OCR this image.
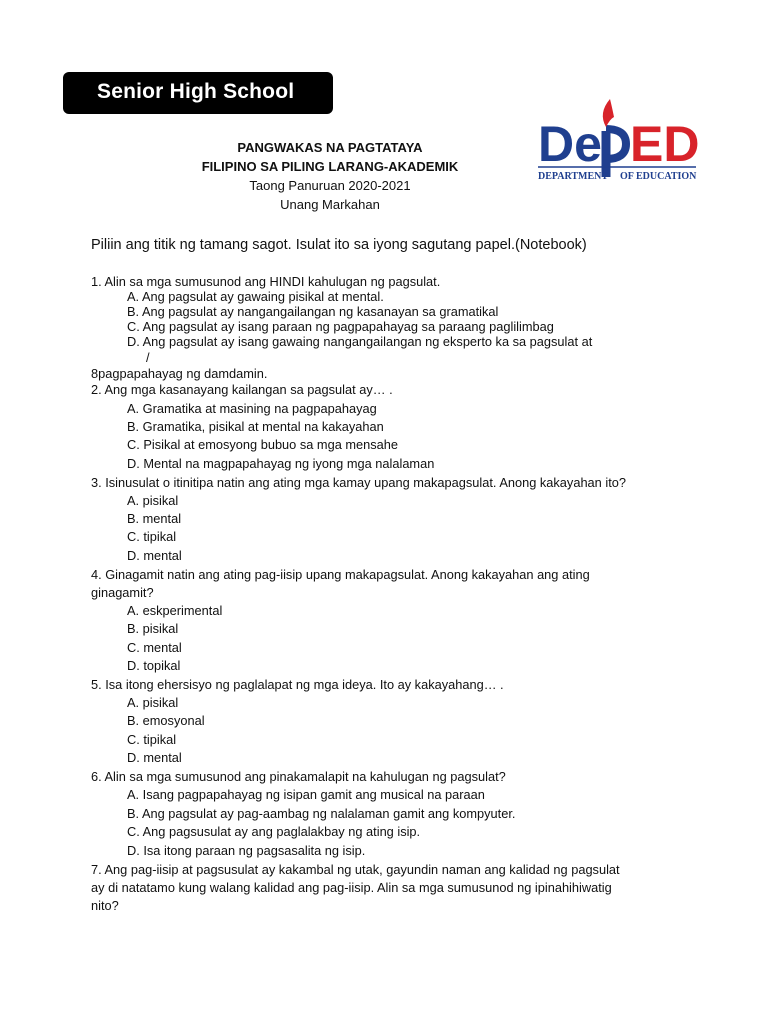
Senior High School
PANGWAKAS NA PAGTATAYA
FILIPINO SA PILING LARANG-AKADEMIK
Taong Panuruan 2020-2021
Unang Markahan
De ED
DEPARTMENT OF EDUCATION
Piliin ang titik ng tamang sagot. Isulat ito sa iyong sagutang papel.(Notebook)
1. Alin sa mga sumusunod ang HINDI kahulugan ng pagsulat.
A. Ang pagsulat ay gawaing pisikal at mental.
B. Ang pagsulat ay nangangailangan ng kasanayan sa gramatikal
C. Ang pagsulat ay isang paraan ng pagpapahayag sa paraang paglilimbag
D. Ang pagsulat ay isang gawaing nangangailangan ng eksperto ka sa pagsulat at
/
8pagpapahayag ng damdamin.
2. Ang mga kasanayang kailangan sa pagsulat ay… .
A. Gramatika at masining na pagpapahayag
B. Gramatika, pisikal at mental na kakayahan
C. Pisikal at emosyong bubuo sa mga mensahe
D. Mental na magpapahayag ng iyong mga nalalaman
3. Isinusulat o itinitipa natin ang ating mga kamay upang makapagsulat. Anong kakayahan ito?
A. pisikal
B. mental
C. tipikal
D. mental
4. Ginagamit natin ang ating pag-iisip upang makapagsulat. Anong kakayahan ang ating
ginagamit?
A. eskperimental
B. pisikal
C. mental
D. topikal
5. Isa itong ehersisyo ng paglalapat ng mga ideya. Ito ay kakayahang… .
A. pisikal
B. emosyonal
C. tipikal
D. mental
6. Alin sa mga sumusunod ang pinakamalapit na kahulugan ng pagsulat?
A. Isang pagpapahayag ng isipan gamit ang musical na paraan
B. Ang pagsulat ay pag-aambag ng nalalaman gamit ang kompyuter.
C. Ang pagsusulat ay ang paglalakbay ng ating isip.
D. Isa itong paraan ng pagsasalita ng isip.
7. Ang pag-iisip at pagsusulat ay kakambal ng utak, gayundin naman ang kalidad ng pagsulat
ay di natatamo kung walang kalidad ang pag-iisip. Alin sa mga sumusunod ng ipinahihiwatig
nito?
